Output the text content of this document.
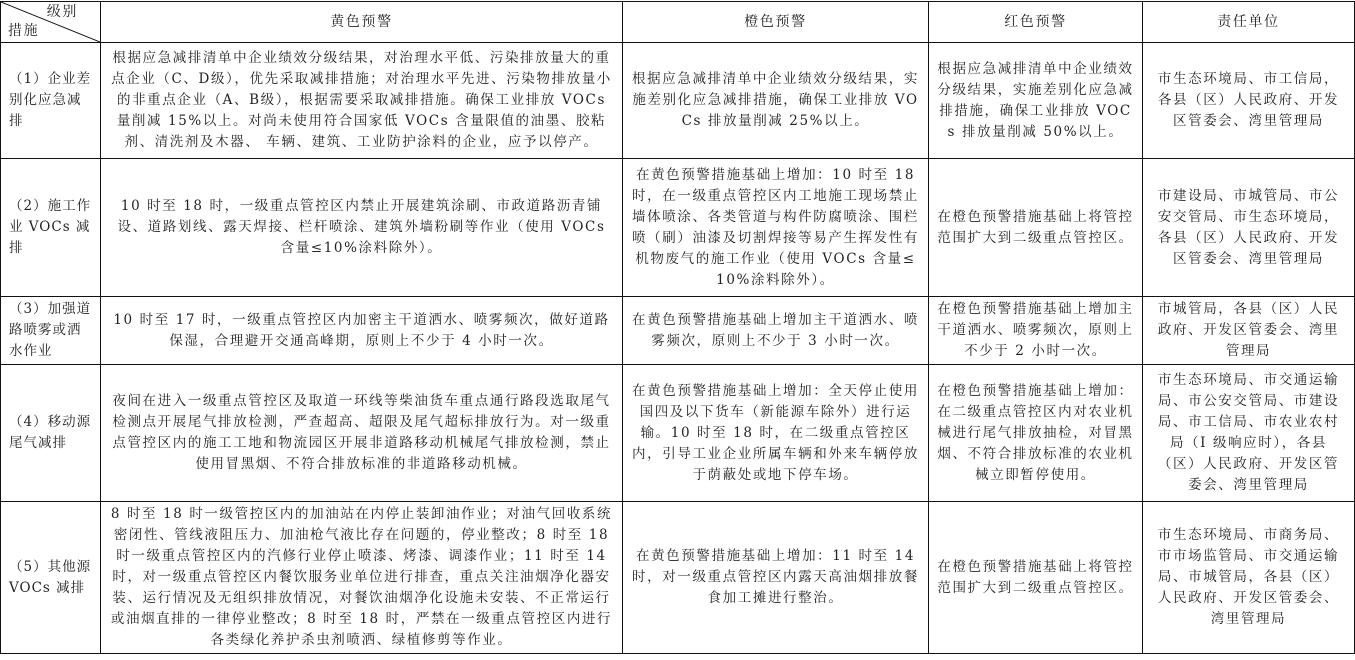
级别
措施	黄色预警	橙色预警	红色预警	责任单位
（1）企业差别化应急减排	根据应急减排清单中企业绩效分级结果，对治理水平低、污染排放量大的重点企业（C、D级），优先采取减排措施；对治理水平先进、污染物排放量小的非重点企业（A、B级），根据需要采取减排措施。确保工业排放 VOCs 量削减 15%以上。对尚未使用符合国家低 VOCs 含量限值的油墨、胶粘剂、清洗剂及木器、 车辆、建筑、工业防护涂料的企业，应予以停产。	根据应急减排清单中企业绩效分级结果，实施差别化应急减排措施，确保工业排放 VOCs 排放量削减 25%以上。	根据应急减排清单中企业绩效分级结果，实施差别化应急减排措施，确保工业排放 VOCs 排放量削减 50%以上。	市生态环境局、市工信局，各县（区）人民政府、开发区管委会、湾里管理局
（2）施工作业 VOCs 减排	10 时至 18 时，一级重点管控区内禁止开展建筑涂刷、市政道路沥青铺设、道路划线、露天焊接、栏杆喷涂、建筑外墙粉刷等作业（使用 VOCs 含量≤10%涂料除外）。	在黄色预警措施基础上增加：10 时至 18 时，在一级重点管控区内工地施工现场禁止墙体喷涂、各类管道与构件防腐喷涂、围栏喷（刷）油漆及切割焊接等易产生挥发性有机物废气的施工作业（使用 VOCs 含量≤10%涂料除外）。	在橙色预警措施基础上将管控范围扩大到二级重点管控区。	市建设局、市城管局、市公安交管局、市生态环境局，各县（区）人民政府、开发区管委会、湾里管理局
（3）加强道路喷雾或洒水作业	10 时至 17 时，一级重点管控区内加密主干道洒水、喷雾频次，做好道路保湿，合理避开交通高峰期，原则上不少于 4 小时一次。	在黄色预警措施基础上增加主干道洒水、喷雾频次，原则上不少于 3 小时一次。	在橙色预警措施基础上增加主干道洒水、喷雾频次，原则上不少于 2 小时一次。	市城管局，各县（区）人民政府、开发区管委会、湾里管理局
（4）移动源尾气减排	夜间在进入一级重点管控区及取道一环线等柴油货车重点通行路段选取尾气检测点开展尾气排放检测，严查超高、超限及尾气超标排放行为。对一级重点管控区内的施工工地和物流园区开展非道路移动机械尾气排放检测，禁止使用冒黑烟、不符合排放标准的非道路移动机械。	在黄色预警措施基础上增加：全天停止使用国四及以下货车（新能源车除外）进行运输。10 时至 18 时，在二级重点管控区内，引导工业企业所属车辆和外来车辆停放于荫蔽处或地下停车场。	在橙色预警措施基础上增加：在二级重点管控区内对农业机械进行尾气排放抽检，对冒黑烟、不符合排放标准的农业机械立即暂停使用。	市生态环境局、市交通运输局、市公安交管局、市建设局、市工信局、市农业农村局（I 级响应时），各县（区）人民政府、开发区管委会、湾里管理局
（5）其他源 VOCs 减排	8 时至 18 时一级管控区内的加油站在内停止装卸油作业；对油气回收系统密闭性、管线液阻压力、加油枪气液比存在问题的，停业整改；8 时至 18 时一级重点管控区内的汽修行业停止喷漆、烤漆、调漆作业；11 时至 14 时，对一级重点管控区内餐饮服务业单位进行排查，重点关注油烟净化器安装、运行情况及无组织排放情况，对餐饮油烟净化设施未安装、不正常运行或油烟直排的一律停业整改；8 时至 18 时，严禁在一级重点管控区内进行各类绿化养护杀虫剂喷洒、绿植修剪等作业。	在黄色预警措施基础上增加：11 时至 14 时，对一级重点管控区内露天高油烟排放餐食加工摊进行整治。	在橙色预警措施基础上将管控范围扩大到二级重点管控区。	市生态环境局、市商务局、市市场监管局、市交通运输局、市城管局，各县（区）人民政府、开发区管委会、湾里管理局
